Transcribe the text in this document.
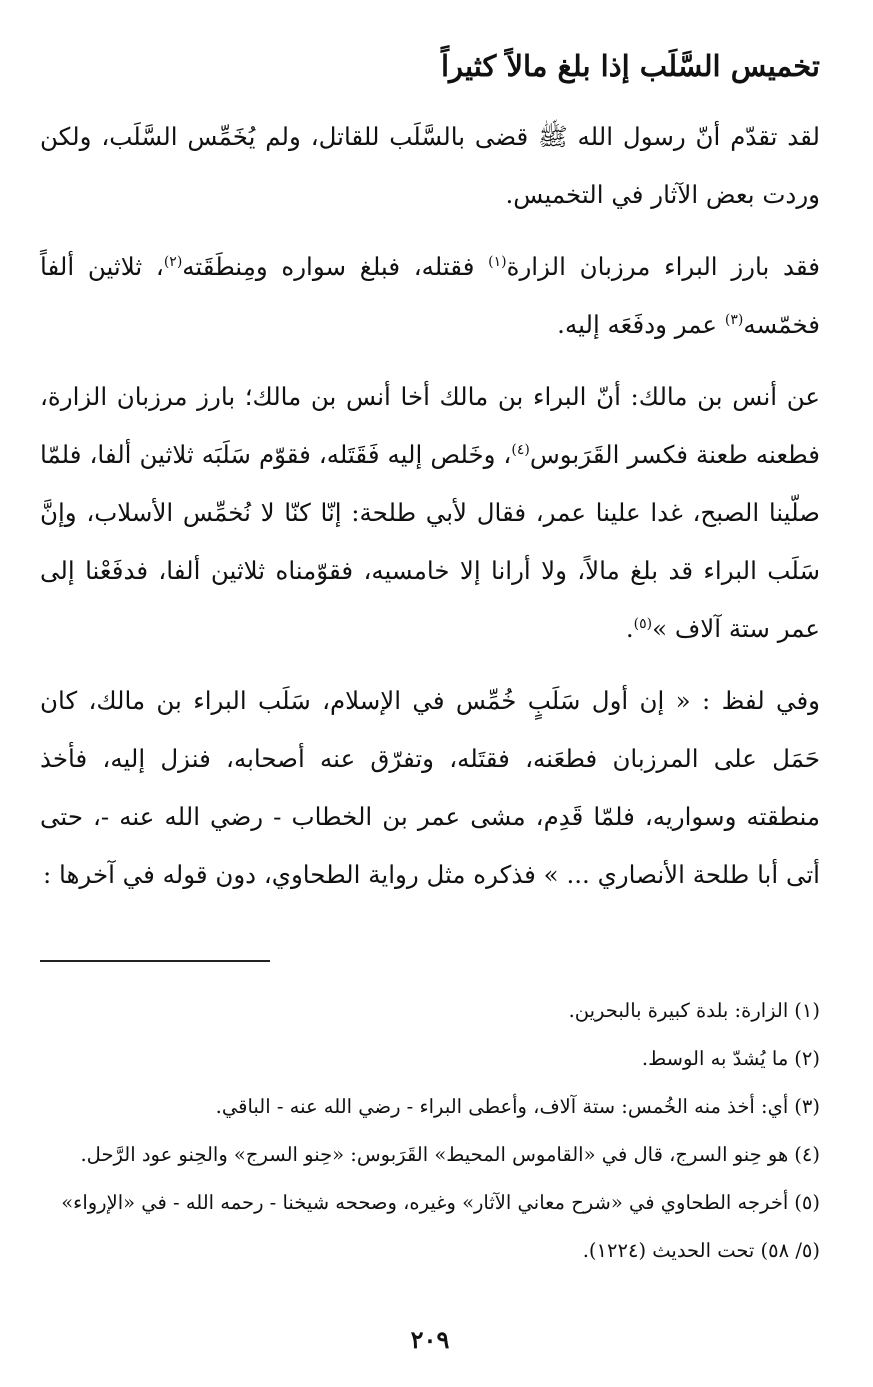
تخميس السَّلَب إذا بلغ مالاً كثيراً

لقد تقدّم أنّ رسول الله ﷺ قضى بالسَّلَب للقاتل، ولم يُخَمِّس السَّلَب، ولكن وردت بعض الآثار في التخميس.

فقد بارز البراء مرزبان الزارة$^{(١)}$ فقتله، فبلغ سواره ومِنطَقَته$^{(٢)}$، ثلاثين ألفاً فخمّسه$^{(٣)}$ عمر ودفَعَه إليه.

عن أنس بن مالك: أنّ البراء بن مالك أخا أنس بن مالك؛ بارز مرزبان الزارة، فطعنه طعنة فكسر القَرَبوس$^{(٤)}$، وخَلص إليه فَقَتَله، فقوّم سَلَبَه ثلاثين ألفا، فلمّا صلّينا الصبح، غدا علينا عمر، فقال لأبي طلحة: إنّا كنّا لا نُخمِّس الأسلاب، وإنَّ سَلَب البراء قد بلغ مالاً، ولا أرانا إلا خامسيه، فقوّمناه ثلاثين ألفا، فدفَعْنا إلى عمر ستة آلاف »$^{(٥)}$.

وفي لفظ : « إن أول سَلَبٍ خُمِّس في الإسلام، سَلَب البراء بن مالك، كان حَمَل على المرزبان فطعَنه، فقتَله، وتفرّق عنه أصحابه، فنزل إليه، فأخذ منطقته وسواريه، فلمّا قَدِم، مشى عمر بن الخطاب - رضي الله عنه -، حتى أتى أبا طلحة الأنصاري ... » فذكره مثل رواية الطحاوي، دون قوله في آخرها :

(١)الزارة: بلدة كبيرة بالبحرين.
(٢)ما يُشدّ به الوسط.
(٣)أي: أخذ منه الخُمس: ستة آلاف، وأعطى البراء - رضي الله عنه - الباقي.
(٤)هو حِنو السرج، قال في «القاموس المحيط» القَرَبوس: «حِنو السرج» والحِنو عود الرَّحل.
(٥)أخرجه الطحاوي في «شرح معاني الآثار» وغيره، وصححه شيخنا - رحمه الله - في «الإرواء» (٥/ ٥٨) تحت الحديث (١٢٢٤).
٢٠٩
